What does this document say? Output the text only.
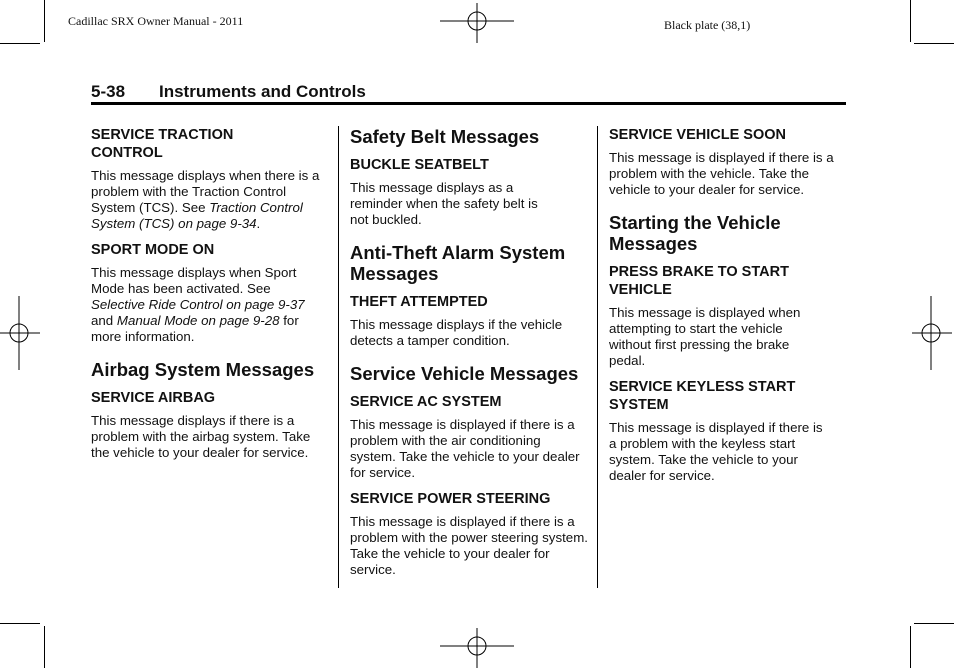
Cadillac SRX Owner Manual - 2011	Black plate (38,1)
5-38 Instruments and Controls
SERVICE TRACTION CONTROL

This message displays when there is a problem with the Traction Control System (TCS). See Traction Control System (TCS) on page 9‑34.

SPORT MODE ON

This message displays when Sport Mode has been activated. See Selective Ride Control on page 9‑37 and Manual Mode on page 9‑28 for more information.

Airbag System Messages
SERVICE AIRBAG

This message displays if there is a problem with the airbag system. Take the vehicle to your dealer for service.

Safety Belt Messages
BUCKLE SEATBELT

This message displays as a reminder when the safety belt is not buckled.

Anti-Theft Alarm System Messages
THEFT ATTEMPTED

This message displays if the vehicle detects a tamper condition.

Service Vehicle Messages
SERVICE AC SYSTEM

This message is displayed if there is a problem with the air conditioning system. Take the vehicle to your dealer for service.

SERVICE POWER STEERING

This message is displayed if there is a problem with the power steering system. Take the vehicle to your dealer for service.

SERVICE VEHICLE SOON

This message is displayed if there is a problem with the vehicle. Take the vehicle to your dealer for service.

Starting the Vehicle Messages
PRESS BRAKE TO START VEHICLE

This message is displayed when attempting to start the vehicle without first pressing the brake pedal.

SERVICE KEYLESS START SYSTEM

This message is displayed if there is a problem with the keyless start system. Take the vehicle to your dealer for service.
